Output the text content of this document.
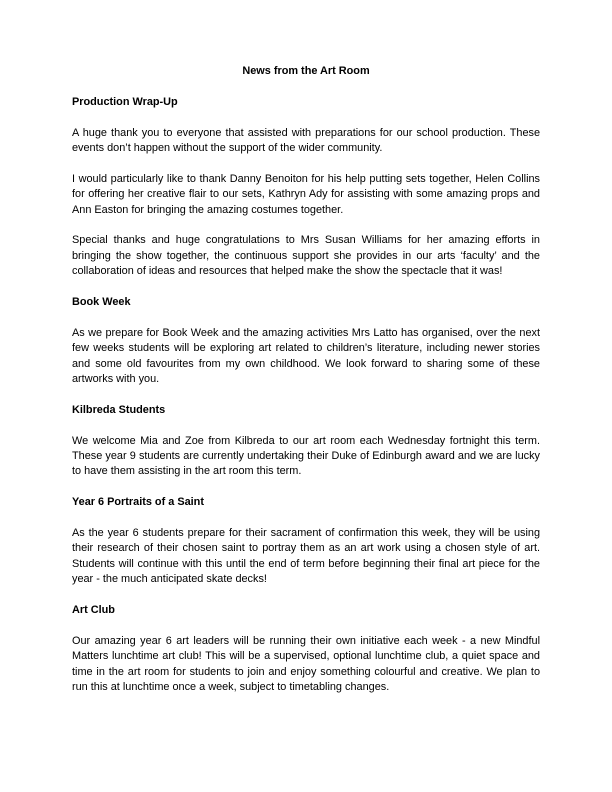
News from the Art Room

Production Wrap-Up

A huge thank you to everyone that assisted with preparations for our school production. These events don’t happen without the support of the wider community.

I would particularly like to thank Danny Benoiton for his help putting sets together, Helen Collins for offering her creative flair to our sets, Kathryn Ady for assisting with some amazing props and Ann Easton for bringing the amazing costumes together.

Special thanks and huge congratulations to Mrs Susan Williams for her amazing efforts in bringing the show together, the continuous support she provides in our arts ‘faculty’ and the collaboration of ideas and resources that helped make the show the spectacle that it was!

Book Week

As we prepare for Book Week and the amazing activities Mrs Latto has organised, over the next few weeks students will be exploring art related to children’s literature, including newer stories and some old favourites from my own childhood. We look forward to sharing some of these artworks with you.

Kilbreda Students

We welcome Mia and Zoe from Kilbreda to our art room each Wednesday fortnight this term. These year 9 students are currently undertaking their Duke of Edinburgh award and we are lucky to have them assisting in the art room this term.

Year 6 Portraits of a Saint

As the year 6 students prepare for their sacrament of confirmation this week, they will be using their research of their chosen saint to portray them as an art work using a chosen style of art. Students will continue with this until the end of term before beginning their final art piece for the year - the much anticipated skate decks!

Art Club

Our amazing year 6 art leaders will be running their own initiative each week - a new Mindful Matters lunchtime art club! This will be a supervised, optional lunchtime club, a quiet space and time in the art room for students to join and enjoy something colourful and creative. We plan to run this at lunchtime once a week, subject to timetabling changes.
